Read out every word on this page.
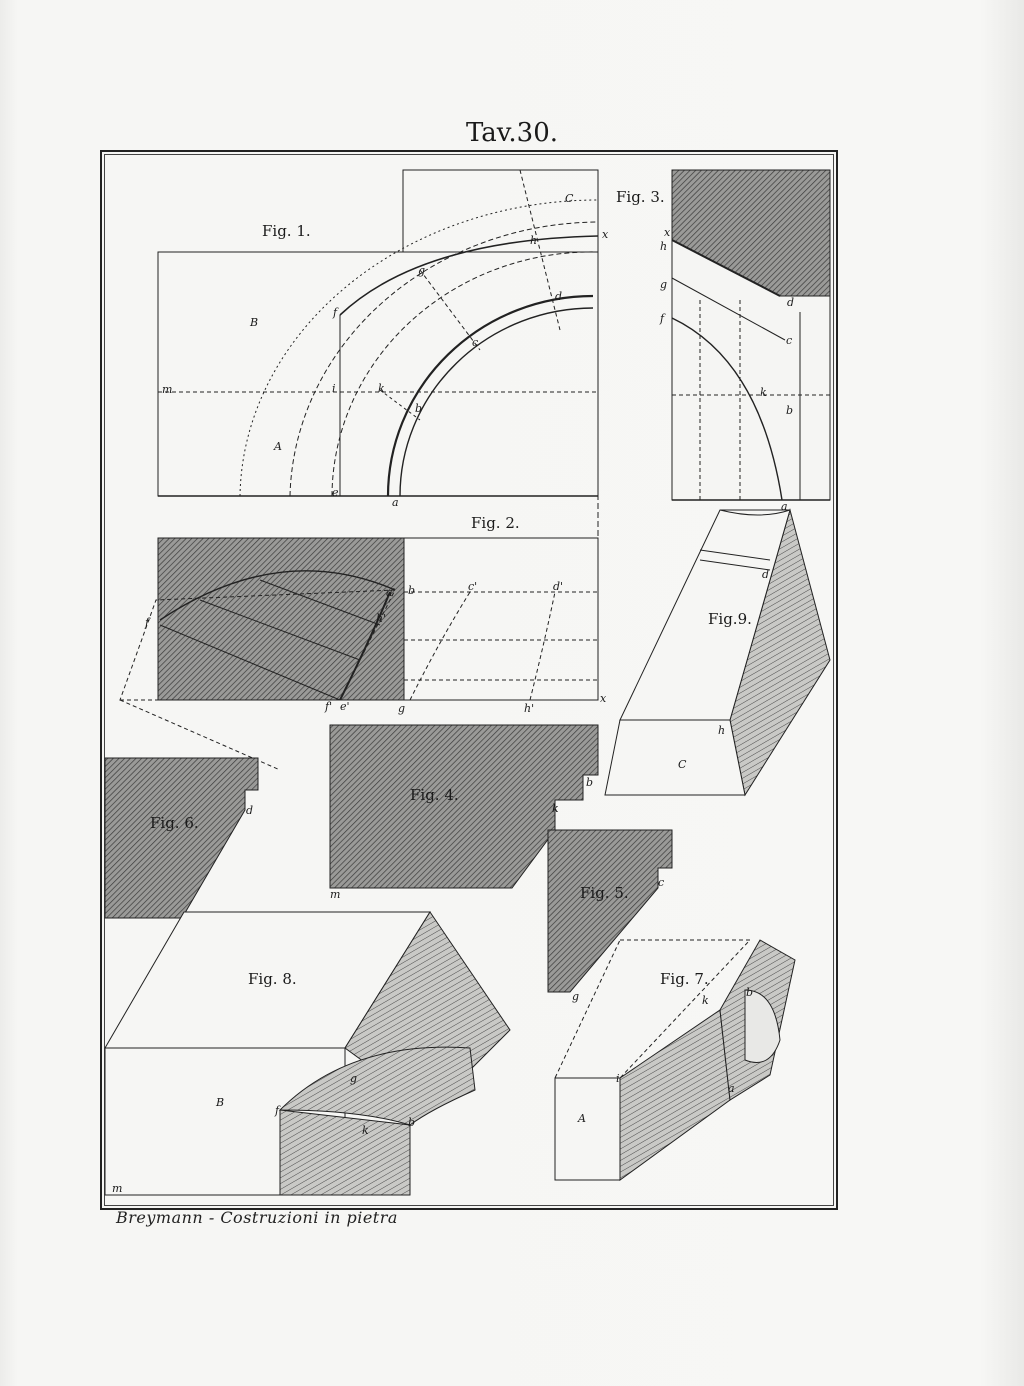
Tav.30.
Fig. 1.
Fig. 2.
Fig. 3.
Fig. 4.
Fig. 5.
Fig. 6.
Fig. 7.
Fig. 8.
Fig.9.
C
B
A
m
x
h
g
f
d
c
k
i
b
e
a
x
h
g
f
d
c
k
b
a
a' b	c'	d'
h'
f
f' e'	g	h'
x
d
h
C
b
k
m
d
c
g
B
f
k
b
g
m
k
b
a
A
i
Breymann - Costruzioni in pietra
